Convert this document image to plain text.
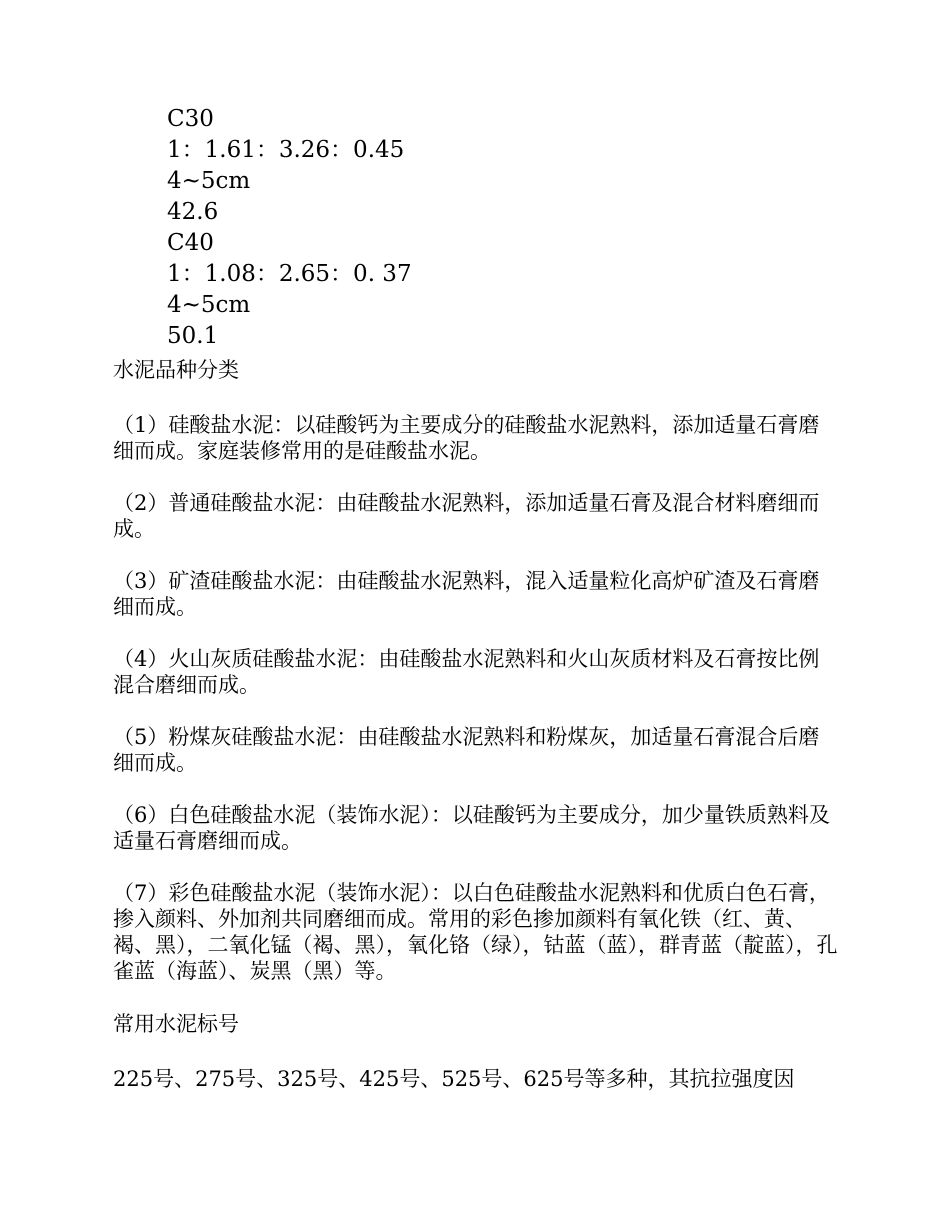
C30
1：1.61：3.26：0.45
4~5cm
42.6
C40
1：1.08：2.65：0. 37
4~5cm
50.1

水泥品种分类

（1）硅酸盐水泥：以硅酸钙为主要成分的硅酸盐水泥熟料，添加适量石膏磨细而成。家庭装修常用的是硅酸盐水泥。

（2）普通硅酸盐水泥：由硅酸盐水泥熟料，添加适量石膏及混合材料磨细而成。

（3）矿渣硅酸盐水泥：由硅酸盐水泥熟料，混入适量粒化高炉矿渣及石膏磨细而成。

（4）火山灰质硅酸盐水泥：由硅酸盐水泥熟料和火山灰质材料及石膏按比例混合磨细而成。

（5）粉煤灰硅酸盐水泥：由硅酸盐水泥熟料和粉煤灰，加适量石膏混合后磨细而成。

（6）白色硅酸盐水泥（装饰水泥）：以硅酸钙为主要成分，加少量铁质熟料及适量石膏磨细而成。

（7）彩色硅酸盐水泥（装饰水泥）：以白色硅酸盐水泥熟料和优质白色石膏，掺入颜料、外加剂共同磨细而成。常用的彩色掺加颜料有氧化铁（红、黄、褐、黑），二氧化锰（褐、黑），氧化铬（绿），钴蓝（蓝），群青蓝（靛蓝），孔雀蓝（海蓝）、炭黑（黑）等。

常用水泥标号

225号、275号、325号、425号、525号、625号等多种，其抗拉强度因
